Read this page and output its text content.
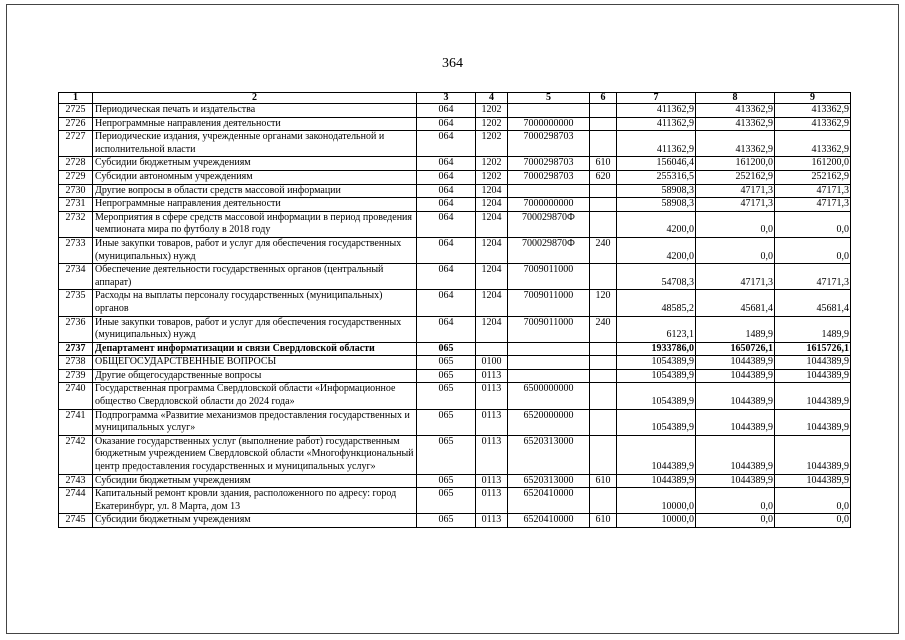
364
1	2	3	4	5	6	7	8	9
2725	Периодическая печать и издательства	064	1202			411362,9	413362,9	413362,9
2726	Непрограммные направления деятельности	064	1202	7000000000		411362,9	413362,9	413362,9
2727	Периодические издания, учрежденные органами законодательной и исполнительной власти	064	1202	7000298703		411362,9	413362,9	413362,9
2728	Субсидии бюджетным учреждениям	064	1202	7000298703	610	156046,4	161200,0	161200,0
2729	Субсидии автономным учреждениям	064	1202	7000298703	620	255316,5	252162,9	252162,9
2730	Другие вопросы в области средств массовой информации	064	1204			58908,3	47171,3	47171,3
2731	Непрограммные направления деятельности	064	1204	7000000000		58908,3	47171,3	47171,3
2732	Мероприятия в сфере средств массовой информации в период проведения чемпионата мира по футболу в 2018 году	064	1204	700029870Ф		4200,0	0,0	0,0
2733	Иные закупки товаров, работ и услуг для обеспечения государственных (муниципальных) нужд	064	1204	700029870Ф	240	4200,0	0,0	0,0
2734	Обеспечение деятельности государственных органов (центральный аппарат)	064	1204	7009011000		54708,3	47171,3	47171,3
2735	Расходы на выплаты персоналу государственных (муниципальных) органов	064	1204	7009011000	120	48585,2	45681,4	45681,4
2736	Иные закупки товаров, работ и услуг для обеспечения государственных (муниципальных) нужд	064	1204	7009011000	240	6123,1	1489,9	1489,9
2737	Департамент информатизации и связи Свердловской области	065				1933786,0	1650726,1	1615726,1
2738	ОБЩЕГОСУДАРСТВЕННЫЕ ВОПРОСЫ	065	0100			1054389,9	1044389,9	1044389,9
2739	Другие общегосударственные вопросы	065	0113			1054389,9	1044389,9	1044389,9
2740	Государственная программа Свердловской области «Информационное общество Свердловской области до 2024 года»	065	0113	6500000000		1054389,9	1044389,9	1044389,9
2741	Подпрограмма «Развитие механизмов предоставления государственных и муниципальных услуг»	065	0113	6520000000		1054389,9	1044389,9	1044389,9
2742	Оказание государственных услуг (выполнение работ) государственным бюджетным учреждением Свердловской области «Многофункциональный центр предоставления государственных и муниципальных услуг»	065	0113	6520313000		1044389,9	1044389,9	1044389,9
2743	Субсидии бюджетным учреждениям	065	0113	6520313000	610	1044389,9	1044389,9	1044389,9
2744	Капитальный ремонт кровли здания, расположенного по адресу: город Екатеринбург, ул. 8 Марта, дом 13	065	0113	6520410000		10000,0	0,0	0,0
2745	Субсидии бюджетным учреждениям	065	0113	6520410000	610	10000,0	0,0	0,0
